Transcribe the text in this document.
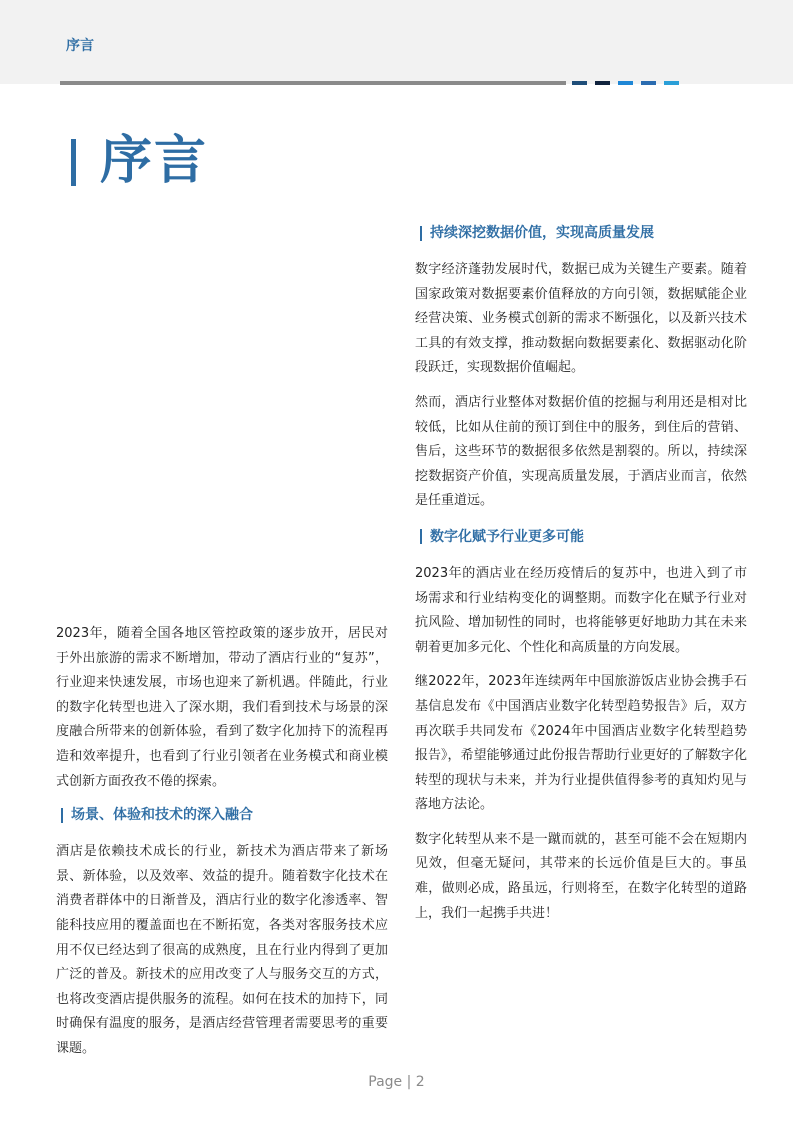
序言
序言

2023年，随着全国各地区管控政策的逐步放开，居民对于外出旅游的需求不断增加，带动了酒店行业的“复苏”，行业迎来快速发展，市场也迎来了新机遇。伴随此，行业的数字化转型也进入了深水期，我们看到技术与场景的深度融合所带来的创新体验，看到了数字化加持下的流程再造和效率提升，也看到了行业引领者在业务模式和商业模式创新方面孜孜不倦的探索。

场景、体验和技术的深入融合

酒店是依赖技术成长的行业，新技术为酒店带来了新场景、新体验，以及效率、效益的提升。随着数字化技术在消费者群体中的日渐普及，酒店行业的数字化渗透率、智能科技应用的覆盖面也在不断拓宽，各类对客服务技术应用不仅已经达到了很高的成熟度，且在行业内得到了更加广泛的普及。新技术的应用改变了人与服务交互的方式，也将改变酒店提供服务的流程。如何在技术的加持下，同时确保有温度的服务，是酒店经营管理者需要思考的重要课题。

持续深挖数据价值，实现高质量发展

数字经济蓬勃发展时代，数据已成为关键生产要素。随着国家政策对数据要素价值释放的方向引领，数据赋能企业经营决策、业务模式创新的需求不断强化，以及新兴技术工具的有效支撑，推动数据向数据要素化、数据驱动化阶段跃迁，实现数据价值崛起。

然而，酒店行业整体对数据价值的挖掘与利用还是相对比较低，比如从住前的预订到住中的服务，到住后的营销、售后，这些环节的数据很多依然是割裂的。所以，持续深挖数据资产价值，实现高质量发展，于酒店业而言，依然是任重道远。

数字化赋予行业更多可能

2023年的酒店业在经历疫情后的复苏中，也进入到了市场需求和行业结构变化的调整期。而数字化在赋予行业对抗风险、增加韧性的同时，也将能够更好地助力其在未来朝着更加多元化、个性化和高质量的方向发展。

继2022年，2023年连续两年中国旅游饭店业协会携手石基信息发布《中国酒店业数字化转型趋势报告》后，双方再次联手共同发布《2024年中国酒店业数字化转型趋势报告》，希望能够通过此份报告帮助行业更好的了解数字化转型的现状与未来，并为行业提供值得参考的真知灼见与落地方法论。

数字化转型从来不是一蹴而就的，甚至可能不会在短期内见效，但毫无疑问，其带来的长远价值是巨大的。事虽难，做则必成，路虽远，行则将至，在数字化转型的道路上，我们一起携手共进！

Page | 2
